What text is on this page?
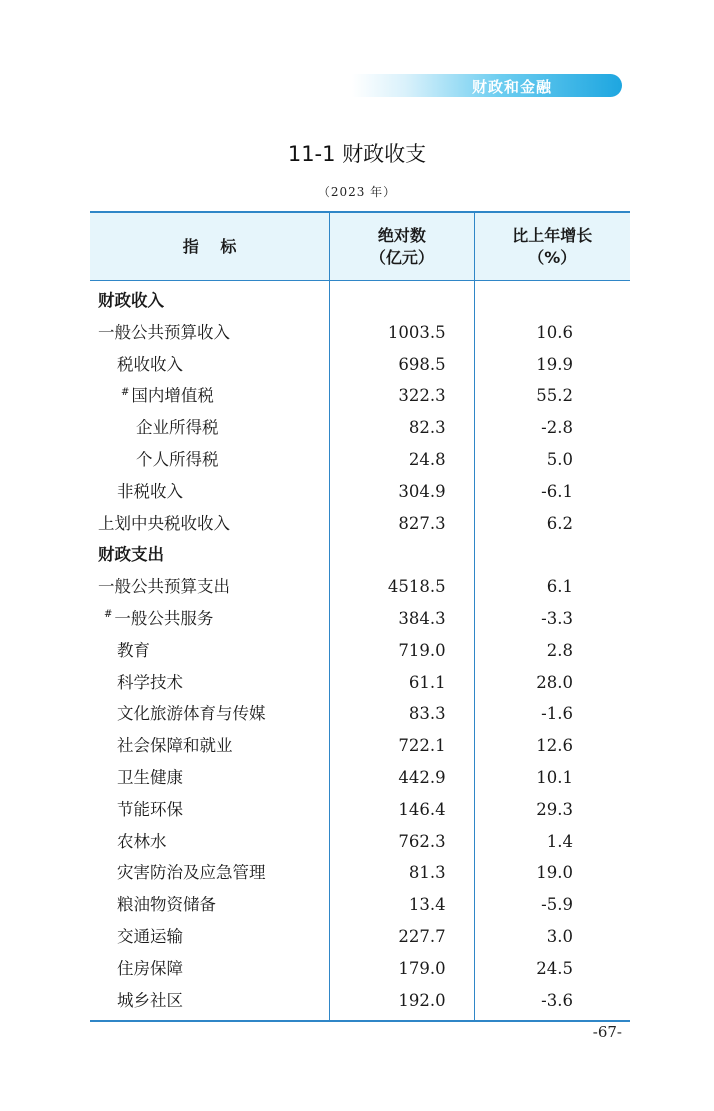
财政和金融
11-1 财政收支
（2023 年）
指　 标
绝对数
（亿元）
比上年增长
（%）
财政收入
一般公共预算收入
税收收入
# 国内增值税
企业所得税
个人所得税
非税收入
上划中央税收收入
财政支出
一般公共预算支出
# 一般公共服务
教育
科学技术
文化旅游体育与传媒
社会保障和就业
卫生健康
节能环保
农林水
灾害防治及应急管理
粮油物资储备
交通运输
住房保障
城乡社区
1003.5
698.5
322.3
82.3
24.8
304.9
827.3
4518.5
384.3
719.0
61.1
83.3
722.1
442.9
146.4
762.3
81.3
13.4
227.7
179.0
192.0
10.6
19.9
55.2
-2.8
5.0
-6.1
6.2
6.1
-3.3
2.8
28.0
-1.6
12.6
10.1
29.3
1.4
19.0
-5.9
3.0
24.5
-3.6
-67-
